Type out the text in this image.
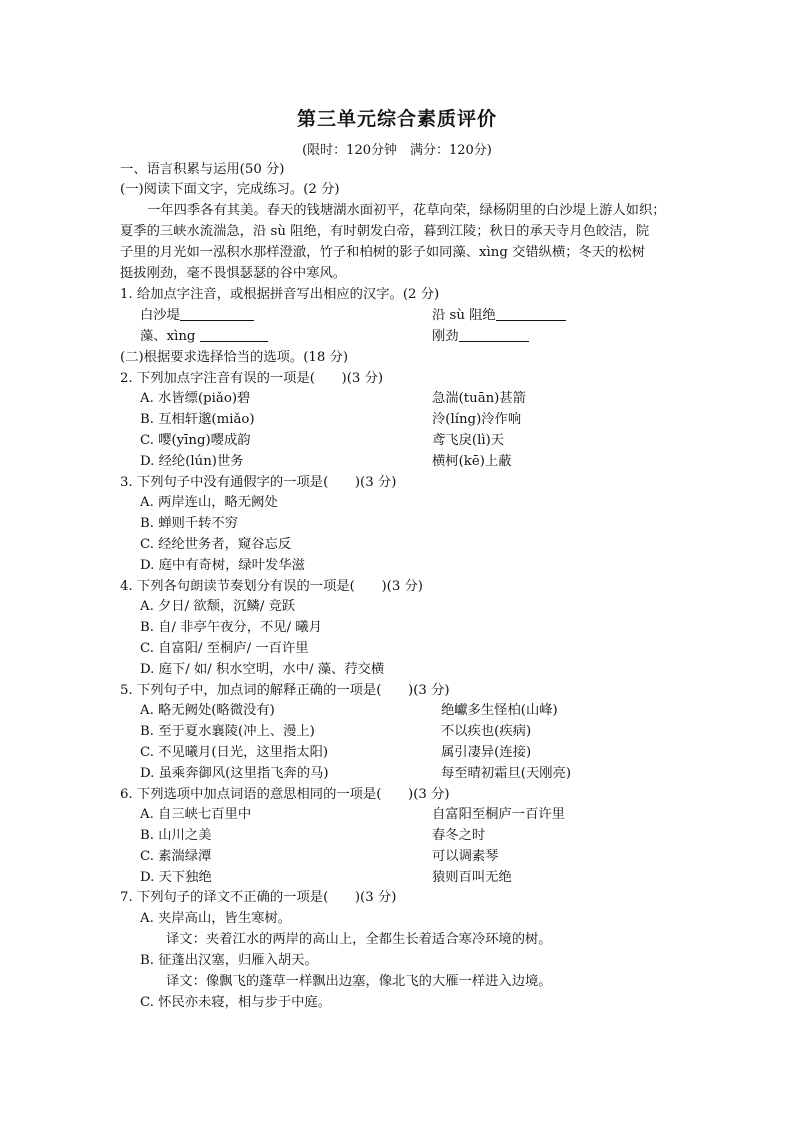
第三单元综合素质评价
(限时：120分钟　满分：120分)
一、语言积累与运用(50 分)
(一)阅读下面文字，完成练习。(2 分)
一年四季各有其美。春天的钱塘湖水面初平，花草向荣，绿杨阴里的白沙堤上游人如织；
夏季的三峡水流湍急，沿 sù 阻绝，有时朝发白帝，暮到江陵；秋日的承天寺月色皎洁，院
子里的月光如一泓积水那样澄澈，竹子和柏树的影子如同藻、xìng 交错纵横；冬天的松树
挺拔刚劲，毫不畏惧瑟瑟的谷中寒风。
1. 给加点字注音，或根据拼音写出相应的汉字。(2 分)
白沙堤	沿 sù 阻绝
藻、xìng	刚劲
(二)根据要求选择恰当的选项。(18 分)
2. 下列加点字注音有误的一项是(　　)(3 分)
A. 水皆缥(piǎo)碧	急湍(tuān)甚箭
B. 互相轩邈(miǎo)	泠(líng)泠作响
C. 嘤(yīng)嘤成韵	鸢飞戾(lì)天
D. 经纶(lún)世务	横柯(kē)上蔽
3. 下列句子中没有通假字的一项是(　　)(3 分)
A. 两岸连山，略无阙处
B. 蝉则千转不穷
C. 经纶世务者，窥谷忘反
D. 庭中有奇树，绿叶发华滋
4. 下列各句朗读节奏划分有误的一项是(　　)(3 分)
A. 夕日/ 欲颓，沉鳞/ 竞跃
B. 自/ 非亭午夜分，不见/ 曦月
C. 自富阳/ 至桐庐/ 一百许里
D. 庭下/ 如/ 积水空明，水中/ 藻、荇交横
5. 下列句子中，加点词的解释正确的一项是(　　)(3 分)
A. 略无阙处(略微没有)	绝巘多生怪柏(山峰)
B. 至于夏水襄陵(冲上、漫上)	不以疾也(疾病)
C. 不见曦月(日光，这里指太阳)	属引凄异(连接)
D. 虽乘奔御风(这里指飞奔的马)	每至晴初霜旦(天刚亮)
6. 下列选项中加点词语的意思相同的一项是(　　)(3 分)
A. 自三峡七百里中	自富阳至桐庐一百许里
B. 山川之美	春冬之时
C. 素湍绿潭	可以调素琴
D. 天下独绝	猿则百叫无绝
7. 下列句子的译文不正确的一项是(　　)(3 分)
A. 夹岸高山，皆生寒树。
译文：夹着江水的两岸的高山上，全都生长着适合寒冷环境的树。
B. 征蓬出汉塞，归雁入胡天。
译文：像飘飞的蓬草一样飘出边塞，像北飞的大雁一样进入边境。
C. 怀民亦未寝，相与步于中庭。
